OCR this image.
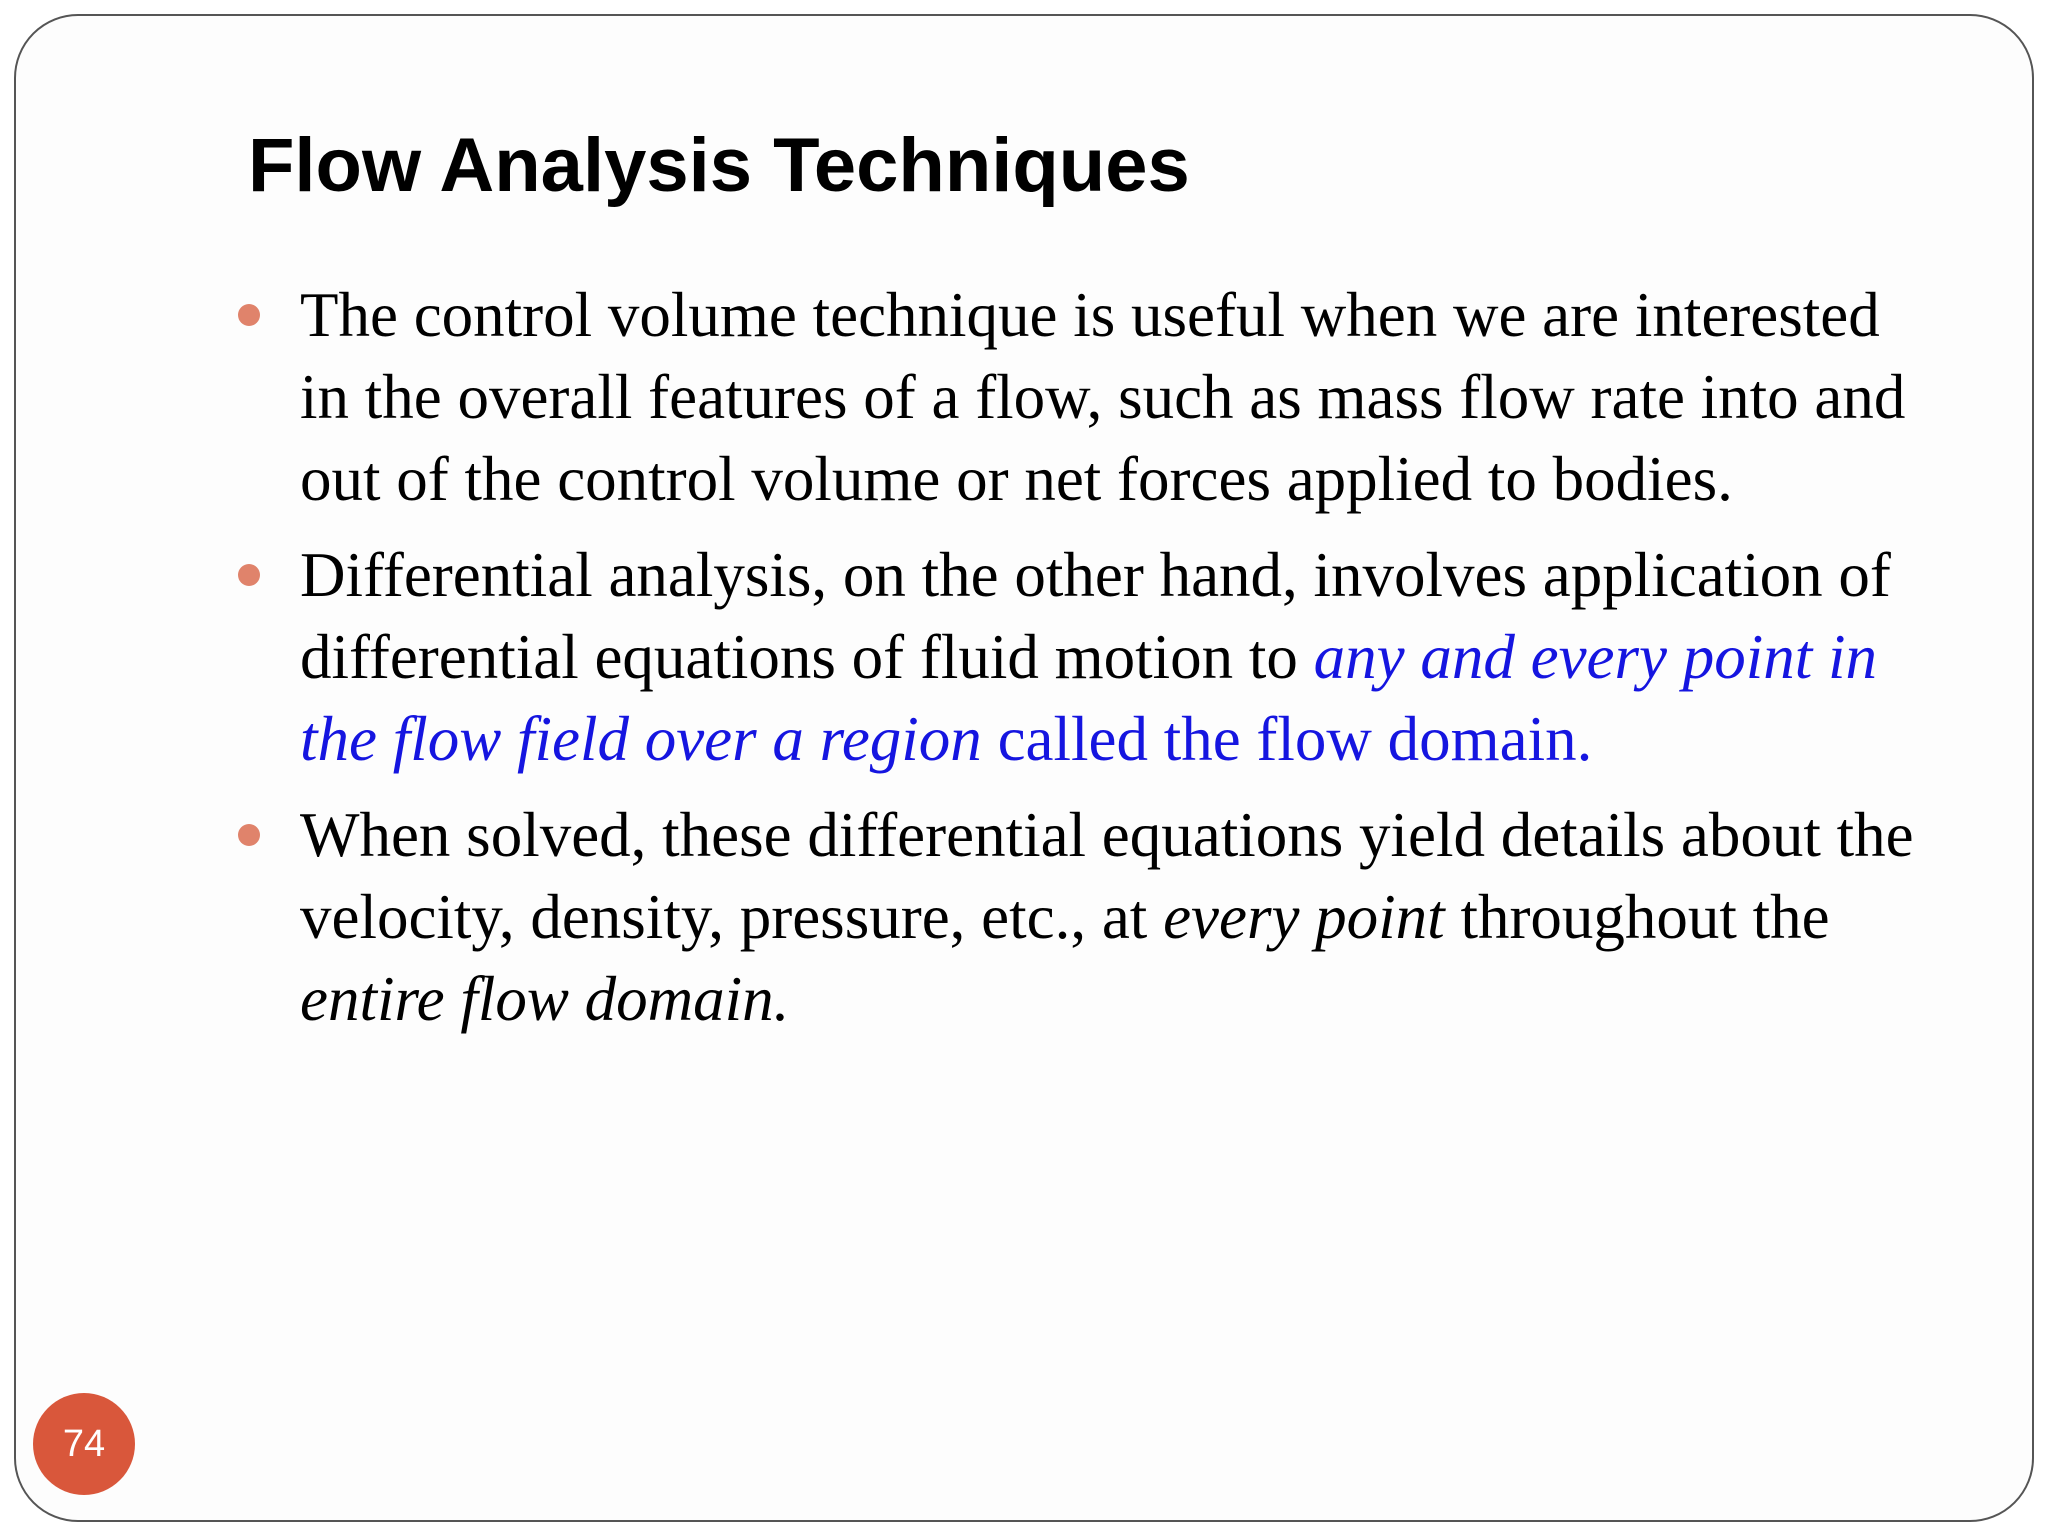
Flow Analysis Techniques
The control volume technique is useful when we are interested in the overall features of a flow, such as mass flow rate into and out of the control volume or net forces applied to bodies.
Differential analysis, on the other hand, involves application of differential equations of fluid motion to any and every point in the flow field over a region called the flow domain.
When solved, these differential equations yield details about the velocity, density, pressure, etc., at every point throughout the entire flow domain.
74
